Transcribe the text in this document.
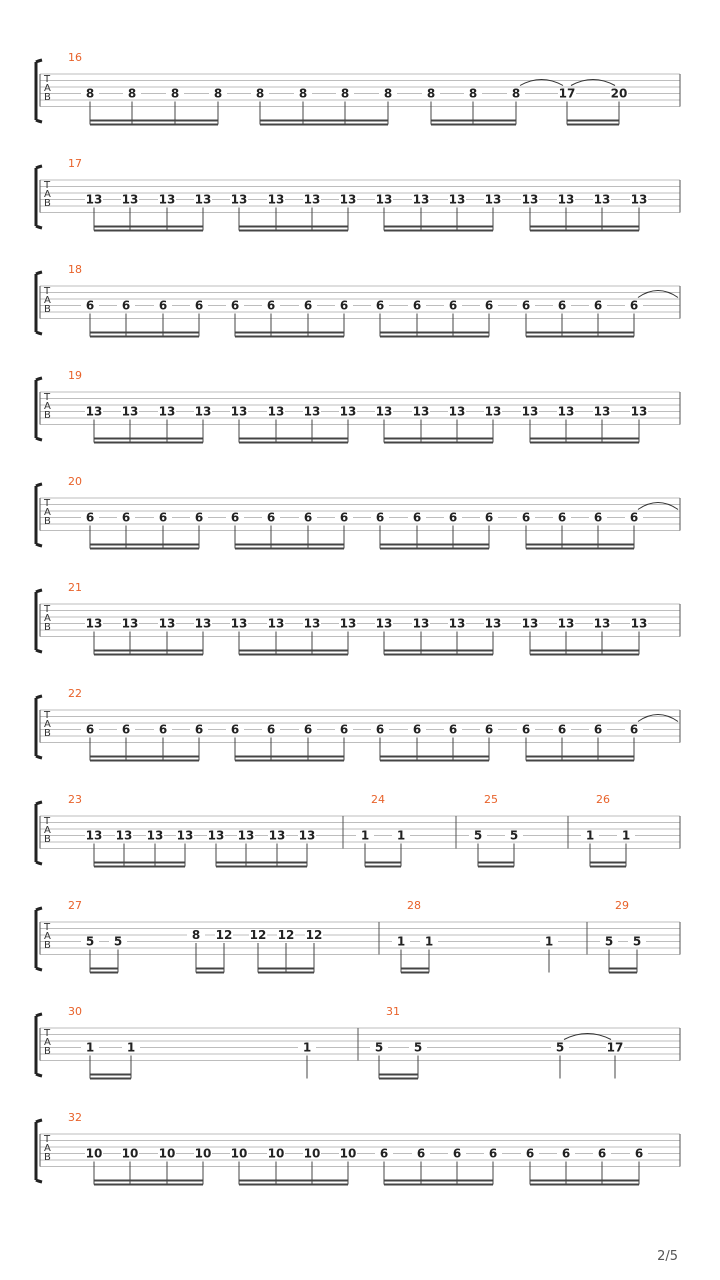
T
A
B
16
8	8	8	8	8	8	8	8	8	8	8	17	20
T
A
B
17
13 13 13 13 13 13 13 13 13 13 13 13 13 13 13 13
T
A
B
18
6 6 6 6 6 6 6 6 6 6 6 6 6 6 6 6
T
A
B
19
13 13 13 13 13 13 13 13 13 13 13 13 13 13 13 13
T
A
B
20
6 6 6 6 6 6 6 6 6 6 6 6 6 6 6 6
T
A
B
21
13 13 13 13 13 13 13 13 13 13 13 13 13 13 13 13
T
A
B
22
6 6 6 6 6 6 6 6 6 6 6 6 6 6 6 6
T
A
B
23
13 13 13 13 13 13 13 13
24
1 1
25
5 5
26
1 1
T
A
B
27
5 5	8 12 12 12 12
28
1 1	1
29
5 5
T
A
B
30
1	1	1
31
5	5	5	17
T
A
B
32
10 10 10 10 10 10 10 10 6 6 6 6 6 6 6 6
2/5
